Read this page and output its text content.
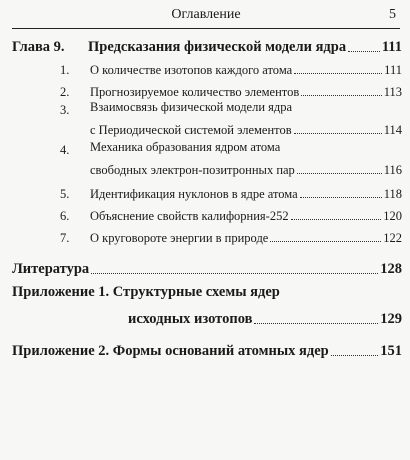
Оглавление	5
Глава 9. Предсказания физической модели ядра 111
1. О количестве изотопов каждого атома	111
2. Прогнозируемое количество элементов	113
3. Взаимосвязь физической модели ядра
с Периодической системой элементов	114
4. Механика образования ядром атома
свободных электрон-позитронных пар	116
5. Идентификация нуклонов в ядре атома	118
6. Объяснение свойств калифорния-252	120
7. О круговороте энергии в природе	122
Литература	128
Приложение 1. Структурные схемы ядер
исходных изотопов	129
Приложение 2. Формы оснований атомных ядер	151
